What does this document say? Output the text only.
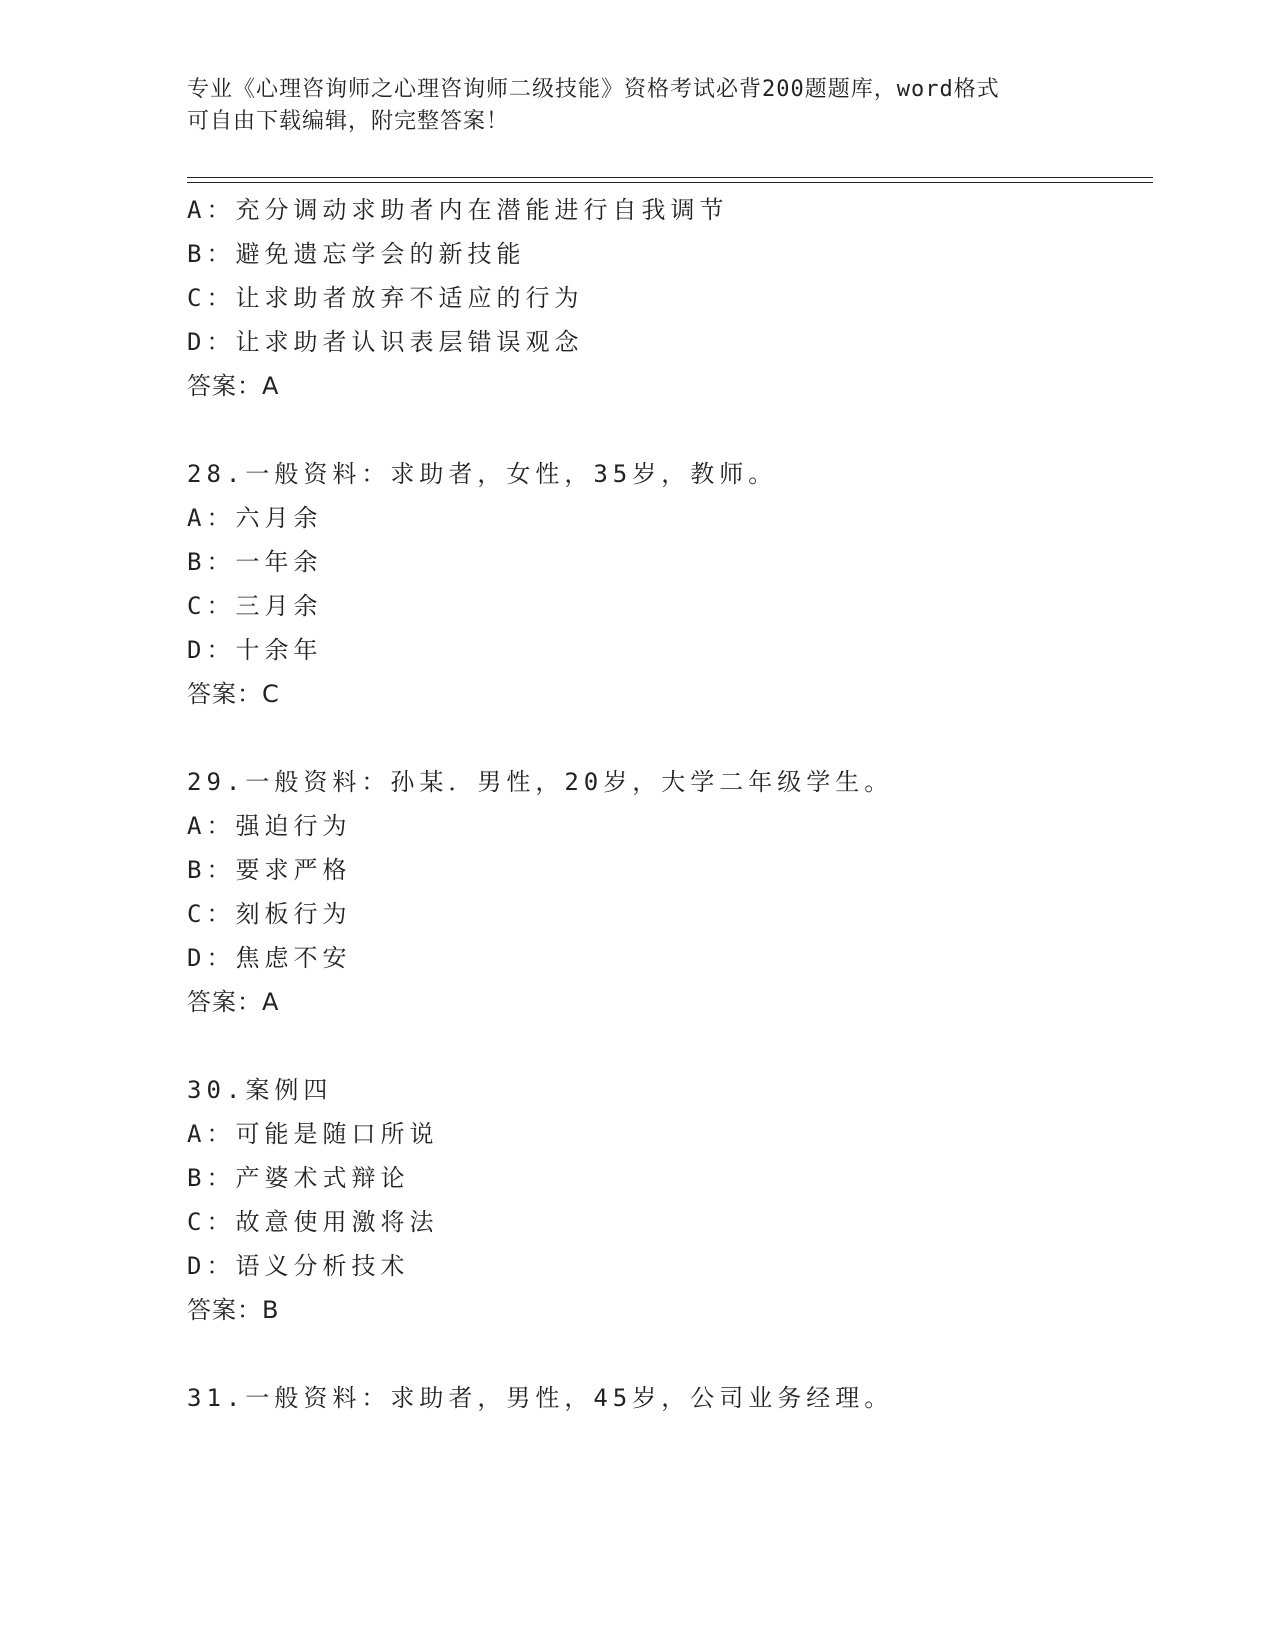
专业《心理咨询师之心理咨询师二级技能》资格考试必背200题题库，word格式
可自由下载编辑，附完整答案！
A：充分调动求助者内在潜能进行自我调节
B：避免遗忘学会的新技能
C：让求助者放弃不适应的行为
D：让求助者认识表层错误观念
答案：A
28.一般资料：求助者，女性，35岁，教师。
A：六月余
B：一年余
C：三月余
D：十余年
答案：C
29.一般资料：孙某．男性，20岁，大学二年级学生。
A：强迫行为
B：要求严格
C：刻板行为
D：焦虑不安
答案：A
30.案例四
A：可能是随口所说
B：产婆术式辩论
C：故意使用激将法
D：语义分析技术
答案：B
31.一般资料：求助者，男性，45岁，公司业务经理。
